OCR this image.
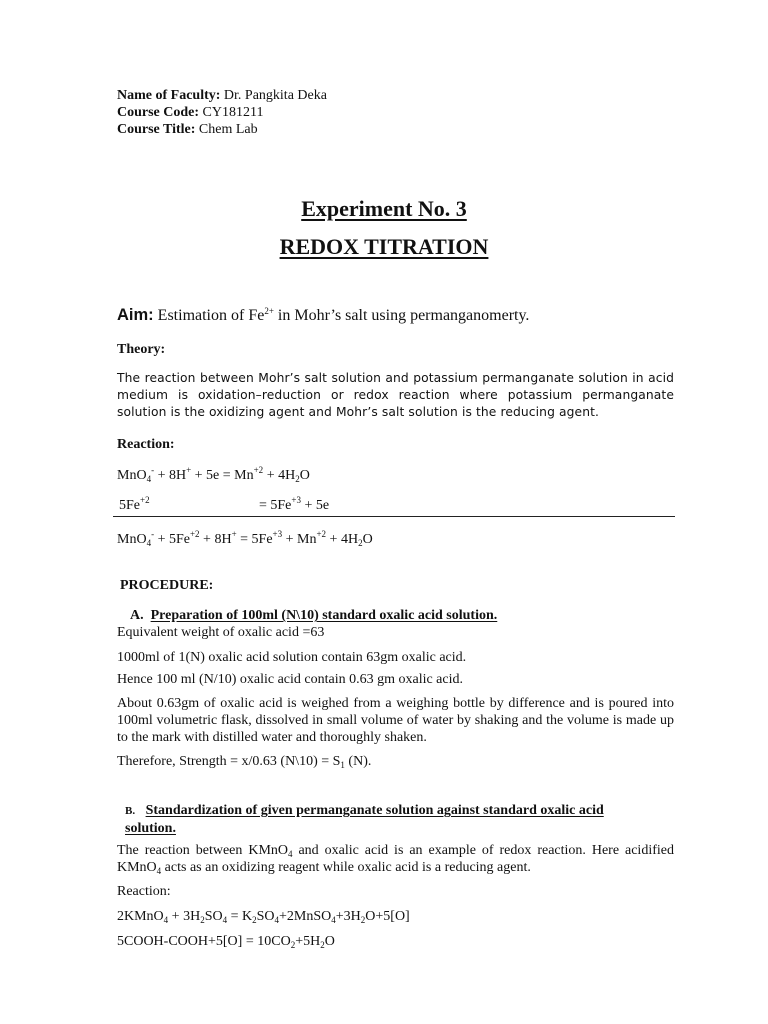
Name of Faculty: Dr. Pangkita Deka
Course Code: CY181211
Course Title: Chem Lab
Experiment No. 3
REDOX TITRATION
Aim: Estimation of $Fe^{2+}$ in Mohr’s salt using permanganomerty.
Theory:
The reaction between Mohr’s salt solution and potassium permanganate solution in acid medium is oxidation–reduction or redox reaction where potassium permanganate solution is the oxidizing agent and Mohr’s salt solution is the reducing agent.
Reaction:
$MnO_4^- + 8H^+ + 5e = Mn^{+2} + 4H_2O$
$5Fe^{+2}$	= $5Fe^{+3} + 5e$
$MnO_4^- + 5Fe^{+2} + 8H^+ = 5Fe^{+3} + Mn^{+2} + 4H_2O$
PROCEDURE:
A. Preparation of 100ml (N\10) standard oxalic acid solution.
Equivalent weight of oxalic acid =63
1000ml of 1(N) oxalic acid solution contain 63gm oxalic acid.
Hence 100 ml (N/10) oxalic acid contain 0.63 gm oxalic acid.
About 0.63gm of oxalic acid is weighed from a weighing bottle by difference and is poured into 100ml volumetric flask, dissolved in small volume of water by shaking and the volume is made up to the mark with distilled water and thoroughly shaken.
Therefore, Strength = x/0.63 (N\10) = $S_1$ (N).
B. Standardization of given permanganate solution against standard oxalic acid
solution.
The reaction between KMnO$_4$ and oxalic acid is an example of redox reaction. Here acidified KMnO$_4$ acts as an oxidizing reagent while oxalic acid is a reducing agent.
Reaction:
2KMnO$_4$ + $3H_2SO_4$ = $K_2SO_4+2MnSO_4+3H_2O+5[O]$
5COOH-COOH+5[O] = $10CO_2+5H_2O$
